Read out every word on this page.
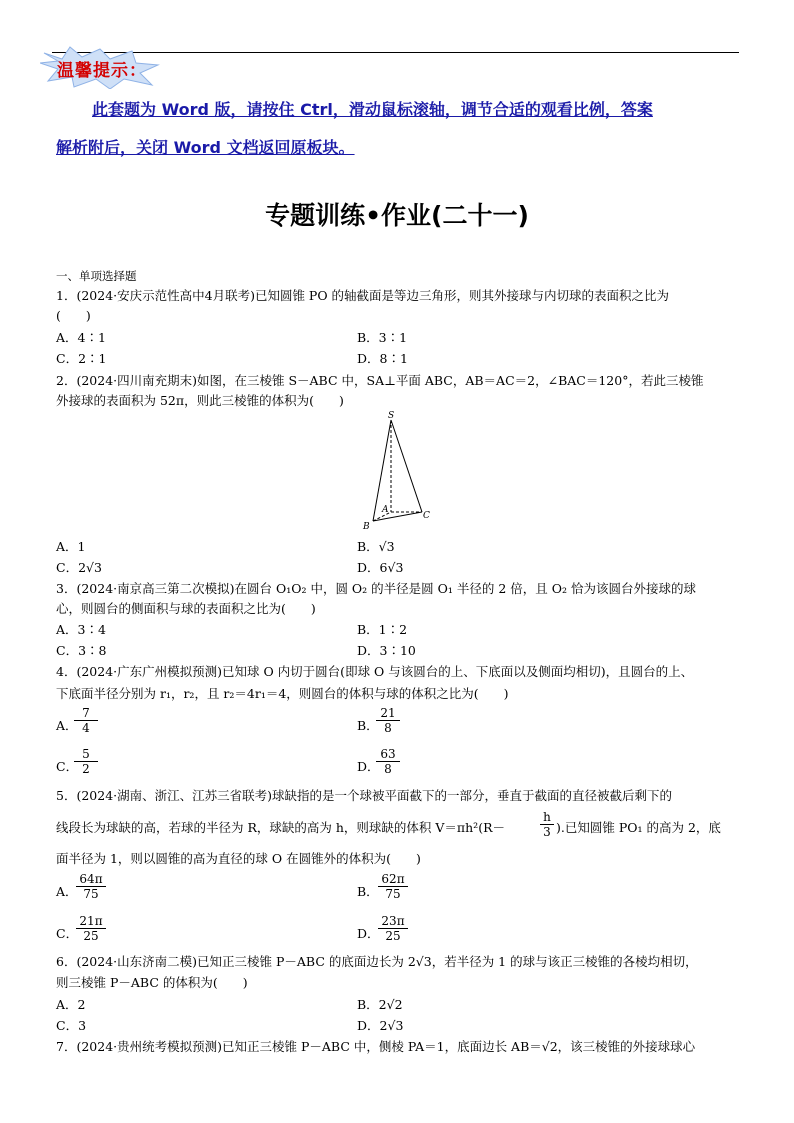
温馨提示：
此套题为 Word 版，请按住 Ctrl，滑动鼠标滚轴，调节合适的观看比例，答案
解析附后，关闭 Word 文档返回原板块。
专题训练•作业(二十一)
一、单项选择题
1．(2024·安庆示范性高中4月联考)已知圆锥 PO 的轴截面是等边三角形，则其外接球与内切球的表面积之比为
(　　)
A．4∶1	B．3∶1
C．2∶1	D．8∶1
2．(2024·四川南充期末)如图，在三棱锥 S－ABC 中，SA⊥平面 ABC，AB＝AC＝2，∠BAC＝120°，若此三棱锥
外接球的表面积为 52π，则此三棱锥的体积为(　　)
S
A
B
C
A．1	B．√3
C．2√3	D．6√3
3．(2024·南京高三第二次模拟)在圆台 O₁O₂ 中，圆 O₂ 的半径是圆 O₁ 半径的 2 倍，且 O₂ 恰为该圆台外接球的球
心，则圆台的侧面积与球的表面积之比为(　　)
A．3∶4	B．1∶2
C．3∶8	D．3∶10
4．(2024·广东广州模拟预测)已知球 O 内切于圆台(即球 O 与该圆台的上、下底面以及侧面均相切)，且圆台的上、
下底面半径分别为 r₁，r₂，且 r₂＝4r₁＝4，则圆台的体积与球的体积之比为(　　)
A．
$\frac{7}{4}$	B．
$\frac{21}{8}$
C．
$\frac{5}{2}$	D．
$\frac{63}{8}$
5．(2024·湖南、浙江、江苏三省联考)球缺指的是一个球被平面截下的一部分，垂直于截面的直径被截后剩下的
线段长为球缺的高，若球的半径为 R，球缺的高为 h，则球缺的体积 V＝πh²(R－	$\frac{h}{3}$ ).已知圆锥 PO₁ 的高为 2，底
面半径为 1，则以圆锥的高为直径的球 O 在圆锥外的体积为(　　)
A．
$\frac{64\pi}{75}$	B． $\frac{62\pi}{75}$
C．
$\frac{21\pi}{25}$	D．
$\frac{23\pi}{25}$
6．(2024·山东济南二模)已知正三棱锥 P－ABC 的底面边长为 2√3，若半径为 1 的球与该正三棱锥的各棱均相切，
则三棱锥 P－ABC 的体积为(　　)
A．2	B．2√2
C．3	D．2√3
7．(2024·贵州统考模拟预测)已知正三棱锥 P－ABC 中，侧棱 PA＝1，底面边长 AB＝√2，该三棱锥的外接球球心
